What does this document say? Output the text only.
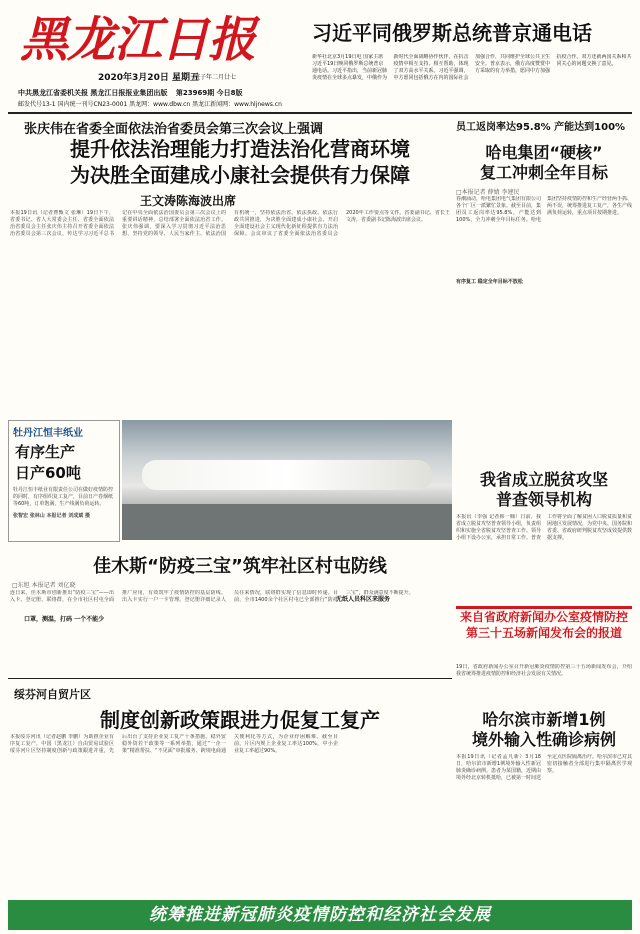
黑龙江日报
2020年3月20日 星期五
庚子年二月廿七
中共黑龙江省委机关报 黑龙江日报报业集团出版 第23969期 今日8版
邮发代号13-1 国内统一刊号CN23-0001 黑龙网：www.dbw.cn 黑龙江新闻网：www.hljnews.cn
习近平同俄罗斯总统普京通电话
新华社北京3月19日电 国家主席习近平19日晚同俄罗斯总统普京通电话。习近平指出，当前新冠肺炎疫情在全球多点暴发，中俄作为新时代全面战略协作伙伴，在抗击疫情中相互支持、相互帮助，体现了双方高水平关系。习近平强调，中方愿同包括俄方在内的国际社会加强合作，共同维护全球公共卫生安全。普京表示，俄方高度赞赏中方采取的有力举措，愿同中方加强抗疫合作。双方还就两国关系和共同关心的问题交换了意见。
张庆伟在省委全面依法治省委员会第三次会议上强调
提升依法治理能力打造法治化营商环境
为决胜全面建成小康社会提供有力保障
王文涛陈海波出席
本报19日讯（记者曹甄文 张琳）19日下午，省委书记、省人大常委会主任、省委全面依法治省委员会主任张庆伟主持召开省委全面依法治省委员会第三次会议，传达学习习近平总书记在中央全面依法治国委员会第三次会议上的重要讲话精神，总结部署全面依法治省工作。张庆伟强调，要深入学习贯彻习近平法治思想，坚持党的领导、人民当家作主、依法治国有机统一，坚持依法治省、依法执政、依法行政共同推进，为决胜全面建成小康社会、开启全面建设社会主义现代化新征程提供有力法治保障。会议审议了省委全面依法治省委员会2020年工作要点等文件。省委副书记、省长王文涛，省委副书记陈海波出席会议。
牡丹江恒丰纸业
有序生产
日产60吨
牡丹江恒丰纸业有限责任公司在做好疫情防控的同时，有序组织复工复产，目前日产卷烟纸等60吨，订单饱满，生产线满负荷运转。
张智宏 张林山 本报记者 刘成斌 摄
佳木斯“防疫三宝”筑牢社区村屯防线
□东旭 本报记者 刘亿晓
连日来，佳木斯市创新推出“防疫三宝”——出入卡、登记册、联络群，在全市社区村屯全面推广应用，有效筑牢了疫情防控的基层防线。出入卡实行一户一卡管理，登记册详细记录人员往来情况，联络群实现了信息即时传递。目前，全市1400余个社区村屯已全部推行“防疫三宝”，群众满意度不断提升。
口罩，测温，打码 一个不能少
无纸人员科区来服务
绥芬河自贸片区
制度创新政策跟进力促复工复产
本报绥芬河讯（记者赵鹏 李鹏）为助推企业有序复工复产，中国（黑龙江）自由贸易试验区绥芬河片区坚持制度创新与政策跟进并重，先后出台了支持企业复工复产十条措施、稳外贸稳外资若干政策等一系列举措，通过“一企一策”精准帮扶、“不见面”审批服务、跨境电商通关便利化等方式，为企业纾困解难。截至目前，片区内规上企业复工率达100%，中小企业复工率超过90%。
员工返岗率达95.8% 产能达到100%
哈电集团“硬核”
复工冲刺全年目标
□本报记者 薛婧 李建民
春潮涌动，哈电集团电气集团有限公司各个厂区一派繁忙景象。截至目前，集团员工返岗率达95.8%，产能达到100%，全力冲刺全年目标任务。哈电集团坚持疫情防控和生产经营两手抓、两不误，统筹推进复工复产，各生产线满负荷运转，重点项目按期推进。
有序复工 稳定全年目标不放松
我省成立脱贫攻坚
普查领导机构
本报讯（李强 记者韩一楠）日前，我省成立脱贫攻坚普查领导小组，负责组织和实施全省脱贫攻坚普查工作。领导小组下设办公室，承担日常工作。普查工作将全面了解贫困人口脱贫质量和贫困地区发展情况，为党中央、国务院和省委、省政府研判脱贫攻坚成效提供数据支撑。
来自省政府新闻办公室疫情防控
第三十五场新闻发布会的报道
19日，省政府新闻办公室召开新冠肺炎疫情防控第三十五场新闻发布会，介绍我省统筹推进疫情防控和经济社会发展有关情况。
哈尔滨市新增1例
境外输入性确诊病例
本报19日讯（记者孟凡新）3月18日，哈尔滨市新增1例境外输入性新冠肺炎确诊病例。患者为某国籍，近期由境外经北京转机抵哈，已被第一时间送至定点医院隔离治疗。哈尔滨市已对其密切接触者全部进行集中隔离医学观察。
统筹推进新冠肺炎疫情防控和经济社会发展
